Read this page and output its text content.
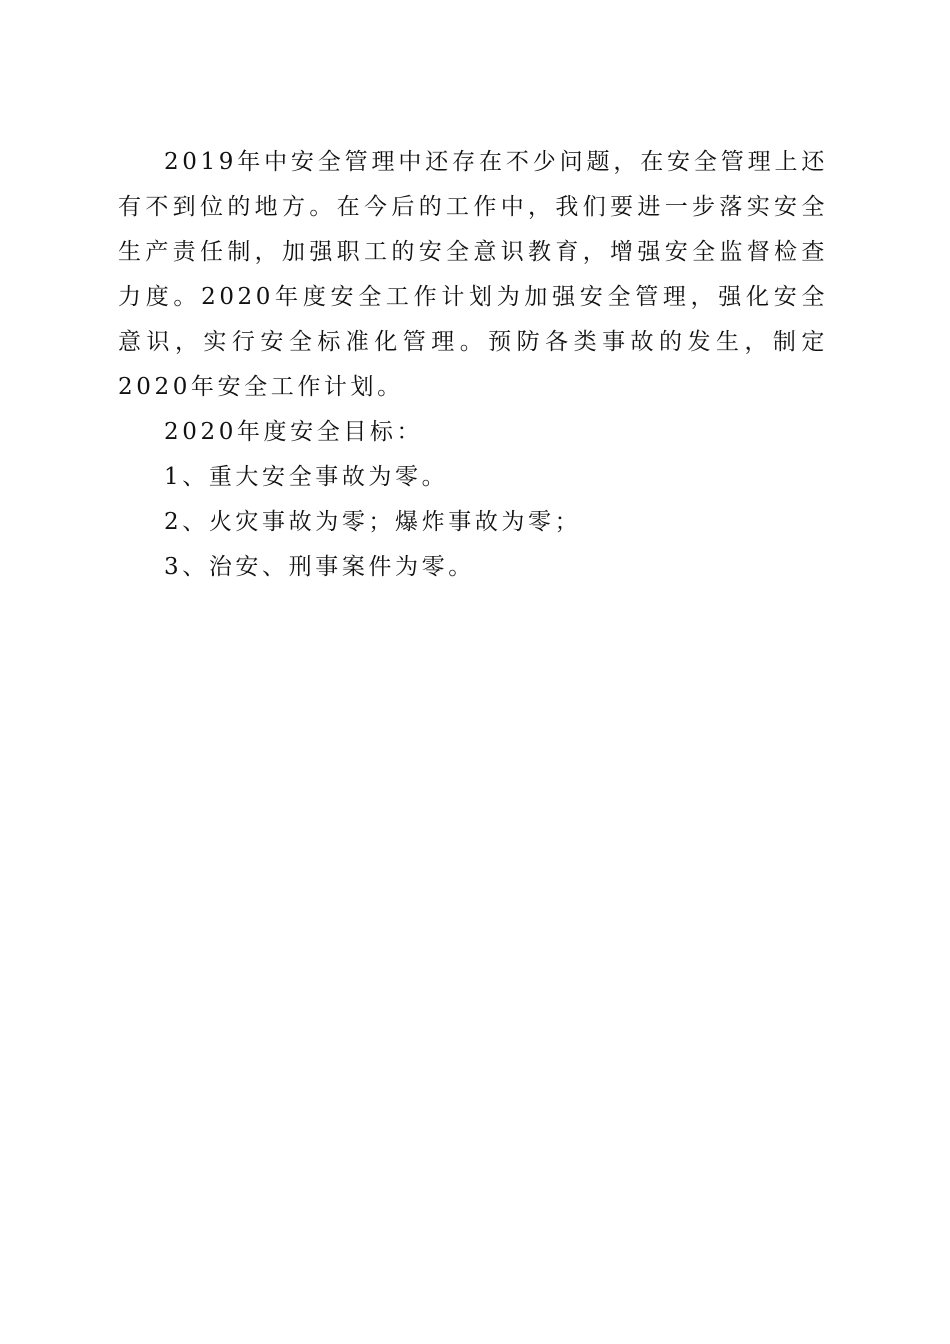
2019年中安全管理中还存在不少问题，在安全管理上还有不到位的地方。在今后的工作中，我们要进一步落实安全生产责任制，加强职工的安全意识教育，增强安全监督检查力度。2020年度安全工作计划为加强安全管理，强化安全意识，实行安全标准化管理。预防各类事故的发生，制定2020年安全工作计划。

2020年度安全目标：

1、重大安全事故为零。

2、火灾事故为零；爆炸事故为零；

3、治安、刑事案件为零。
